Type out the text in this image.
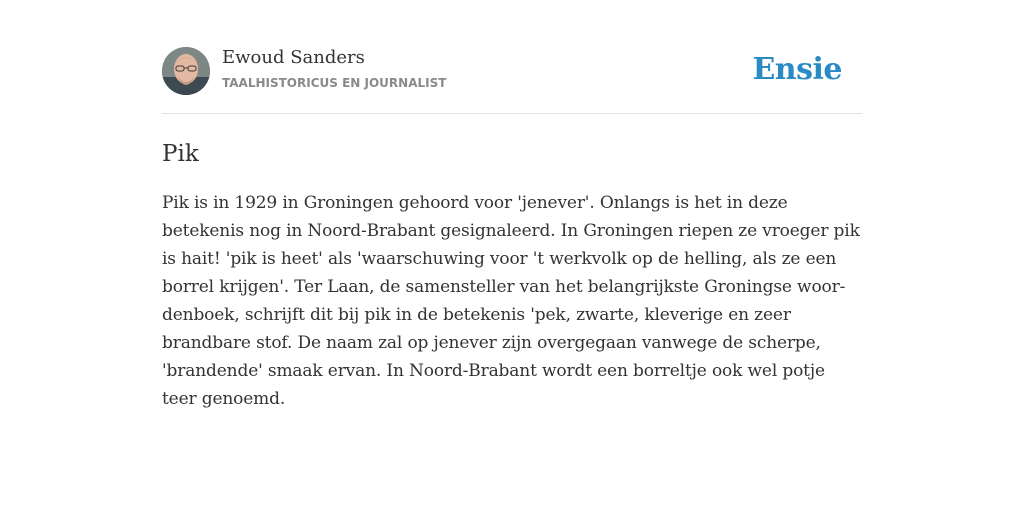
Ewoud Sanders
TAALHISTORICUS EN JOURNALIST	Ensie
Pik
Pik is in 1929 in Groningen gehoord voor 'jenever'. Onlangs is het in deze
betekenis nog in Noord-Brabant gesignaleerd. In Groningen riepen ze vroeger pik
is hait! 'pik is heet' als 'waarschuwing voor 't werkvolk op de helling, als ze een
borrel krijgen'. Ter Laan, de samensteller van het belangrijkste Groningse woor-
denboek, schrijft dit bij pik in de betekenis 'pek, zwarte, kleverige en zeer
brandbare stof. De naam zal op jenever zijn overgegaan vanwege de scherpe,
'brandende' smaak ervan. In Noord-Brabant wordt een borreltje ook wel potje
teer genoemd.
